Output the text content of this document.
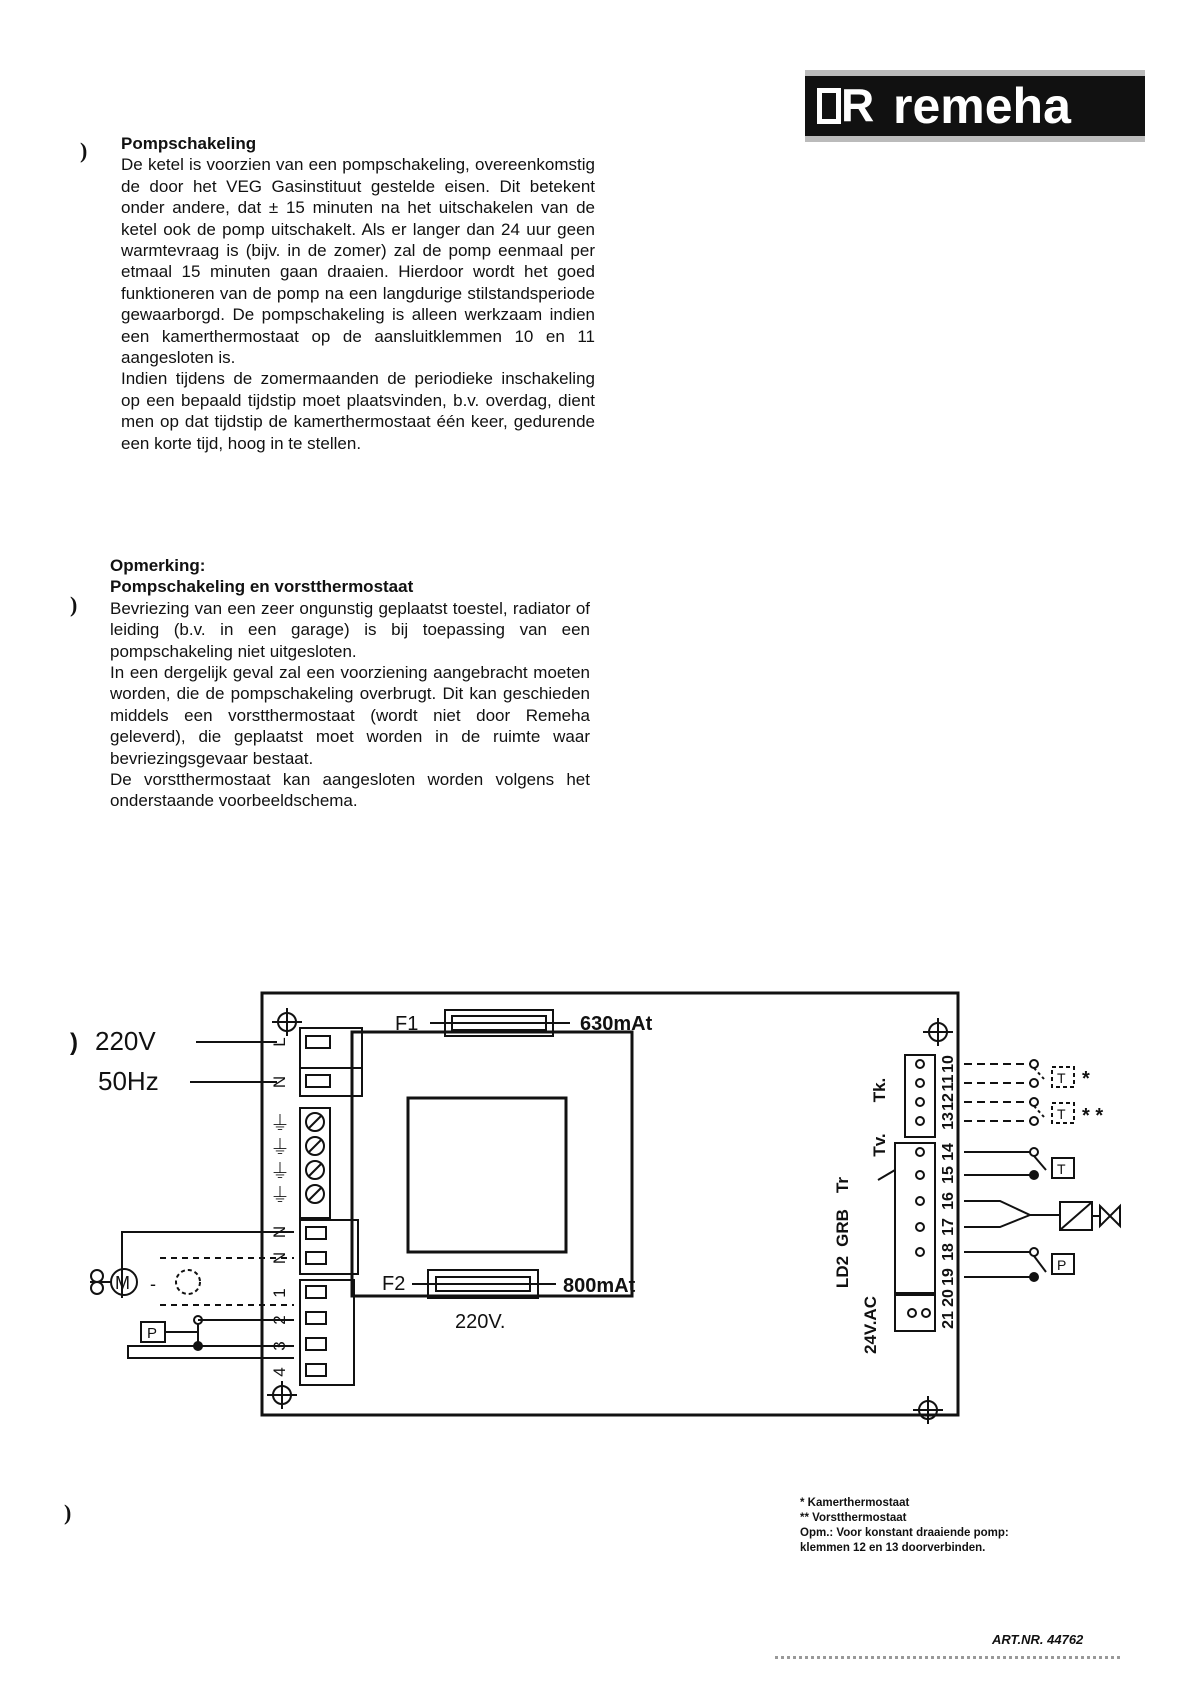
R remeha
)
)
)
Pompschakeling

De ketel is voorzien van een pompschakeling, overeenkomstig de door het VEG Gasinstituut gestelde eisen. Dit betekent onder andere, dat ± 15 minuten na het uitschakelen van de ketel ook de pomp uitschakelt. Als er langer dan 24 uur geen warmtevraag is (bijv. in de zomer) zal de pomp eenmaal per etmaal 15 minuten gaan draaien. Hierdoor wordt het goed funktioneren van de pomp na een langdurige stilstandsperiode gewaarborgd. De pompschakeling is alleen werkzaam indien een kamerthermostaat op de aansluitklemmen 10 en 11 aangesloten is.

Indien tijdens de zomermaanden de periodieke inschakeling op een bepaald tijdstip moet plaatsvinden, b.v. overdag, dient men op dat tijdstip de kamerthermostaat één keer, gedurende een korte tijd, hoog in te stellen.

Opmerking:
Pompschakeling en vorstthermostaat

Bevriezing van een zeer ongunstig geplaatst toestel, radiator of leiding (b.v. in een garage) is bij toepassing van een pompschakeling niet uitgesloten.

In een dergelijk geval zal een voorziening aangebracht moeten worden, die de pompschakeling overbrugt. Dit kan geschieden middels een vorstthermostaat (wordt niet door Remeha geleverd), die geplaatst moet worden in de ruimte waar bevriezingsgevaar bestaat.

De vorstthermostaat kan aangesloten worden volgens het onderstaande voorbeeldschema.

F1	630mAt
F2	800mAt
220V.
) 220V
50Hz
L
N
N
N
1
2
3
4
⏚
⏚
⏚
⏚
M -
P
10
11
12
13
14
15
16
17
18
19
20
21
Tk.
Tv.
Tr
GRB
LD2
24V.AC
T *
T * *
T
P
* Kamerthermostaat
** Vorstthermostaat
Opm.: Voor konstant draaiende pomp:
klemmen 12 en 13 doorverbinden.
ART.NR. 44762
